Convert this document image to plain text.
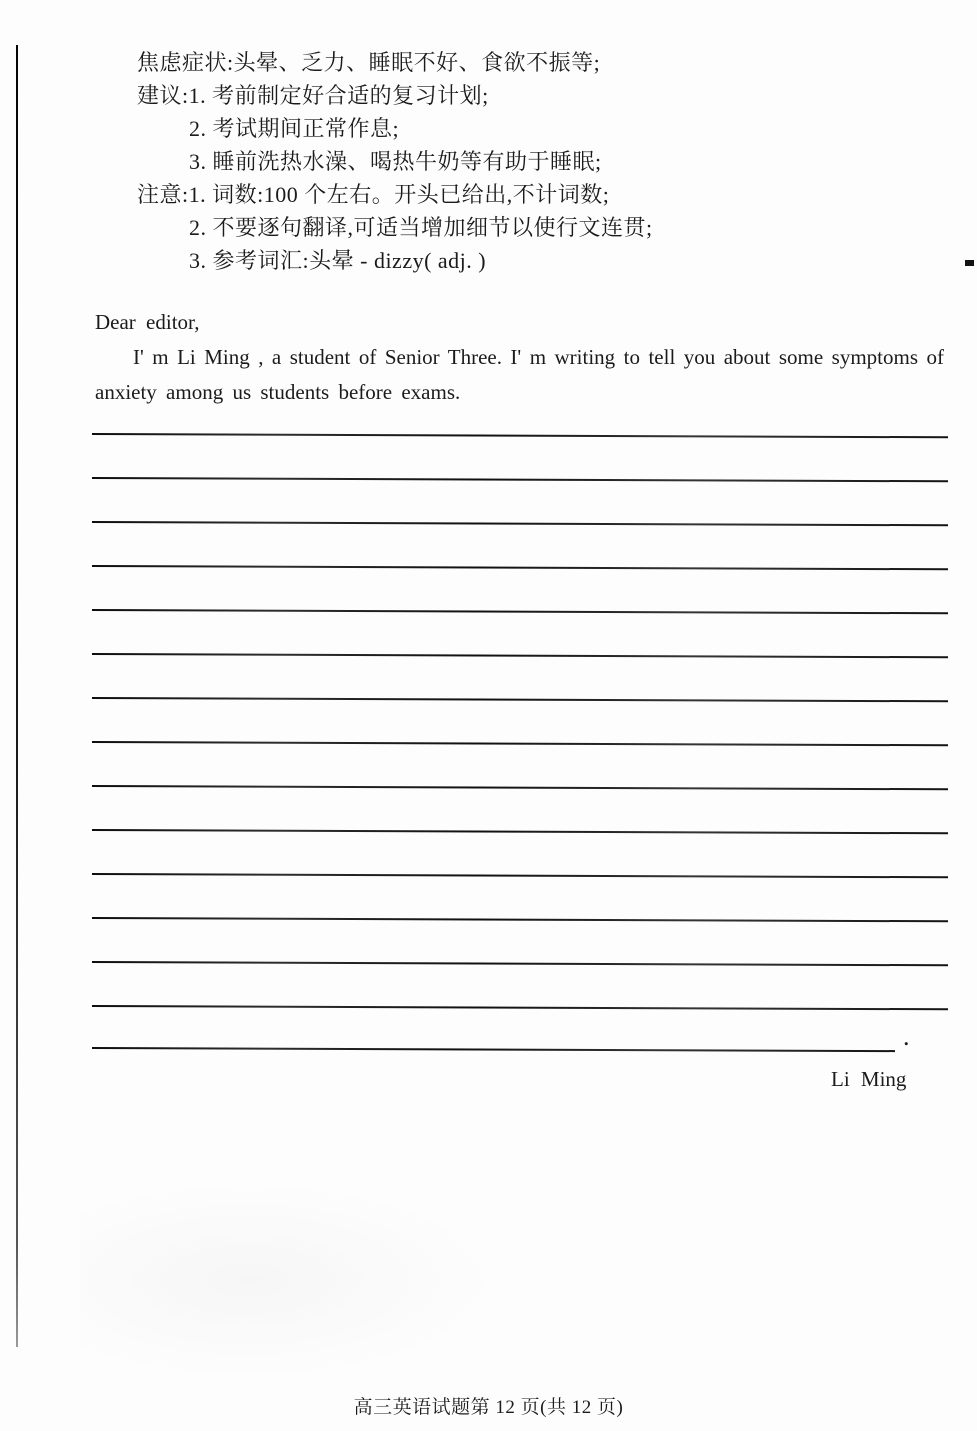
焦虑症状:头晕、乏力、睡眠不好、食欲不振等;
建议:1. 考前制定好合适的复习计划;
2. 考试期间正常作息;
3. 睡前洗热水澡、喝热牛奶等有助于睡眠;
注意:1. 词数:100 个左右。开头已给出,不计词数;
2. 不要逐句翻译,可适当增加细节以使行文连贯;
3. 参考词汇:头晕 - dizzy( adj. )
Dear editor,
I' m Li Ming , a student of Senior Three. I' m writing to tell you about some symptoms of
anxiety among us students before exams.
.
Li Ming
高三英语试题第 12 页(共 12 页)
